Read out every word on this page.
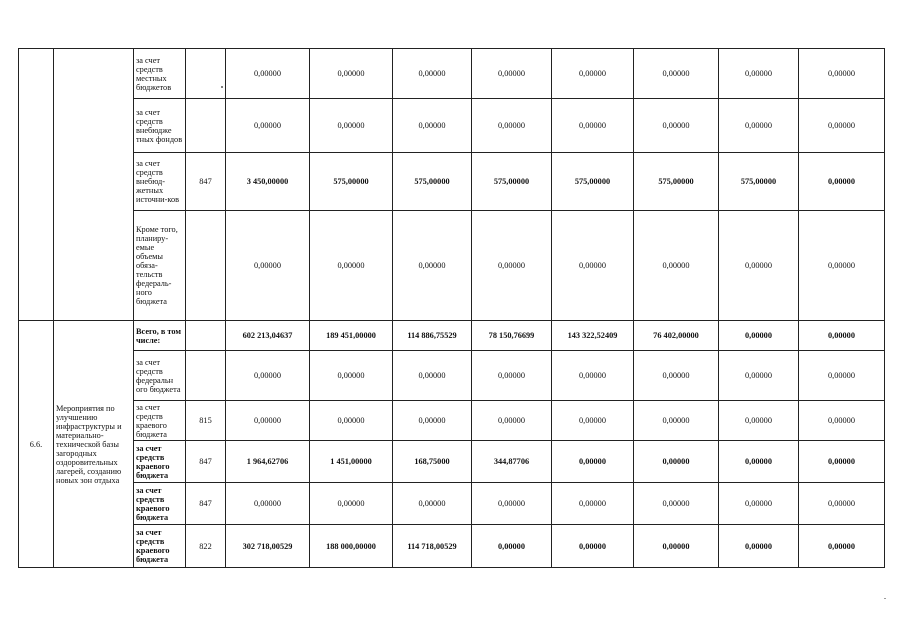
		за счет средств местных бюджетов		0,00000	0,00000	0,00000	0,00000	0,00000	0,00000	0,00000	0,00000
		за счет средств внебюдже тных фондов		0,00000	0,00000	0,00000	0,00000	0,00000	0,00000	0,00000	0,00000
		за счет средств внебюд-жетных источни-ков	847	3 450,00000	575,00000	575,00000	575,00000	575,00000	575,00000	575,00000	0,00000
		Кроме того, планиру-емые объемы обяза-тельств федераль-ного бюджета		0,00000	0,00000	0,00000	0,00000	0,00000	0,00000	0,00000	0,00000
6.6.	Мероприятия по улучшению инфраструктуры и материально-технической базы загородных оздоровительных лагерей, созданию новых зон отдыха	Всего, в том числе:		602 213,04637	189 451,00000	114 886,75529	78 150,76699	143 322,52409	76 402,00000	0,00000	0,00000
		за счет средств федеральн ого бюджета		0,00000	0,00000	0,00000	0,00000	0,00000	0,00000	0,00000	0,00000
		за счет средств краевого бюджета	815	0,00000	0,00000	0,00000	0,00000	0,00000	0,00000	0,00000	0,00000
		за счет средств краевого бюджета	847	1 964,62706	1 451,00000	168,75000	344,87706	0,00000	0,00000	0,00000	0,00000
		за счет средств краевого бюджета	847	0,00000	0,00000	0,00000	0,00000	0,00000	0,00000	0,00000	0,00000
		за счет средств краевого бюджета	822	302 718,00529	188 000,00000	114 718,00529	0,00000	0,00000	0,00000	0,00000	0,00000
